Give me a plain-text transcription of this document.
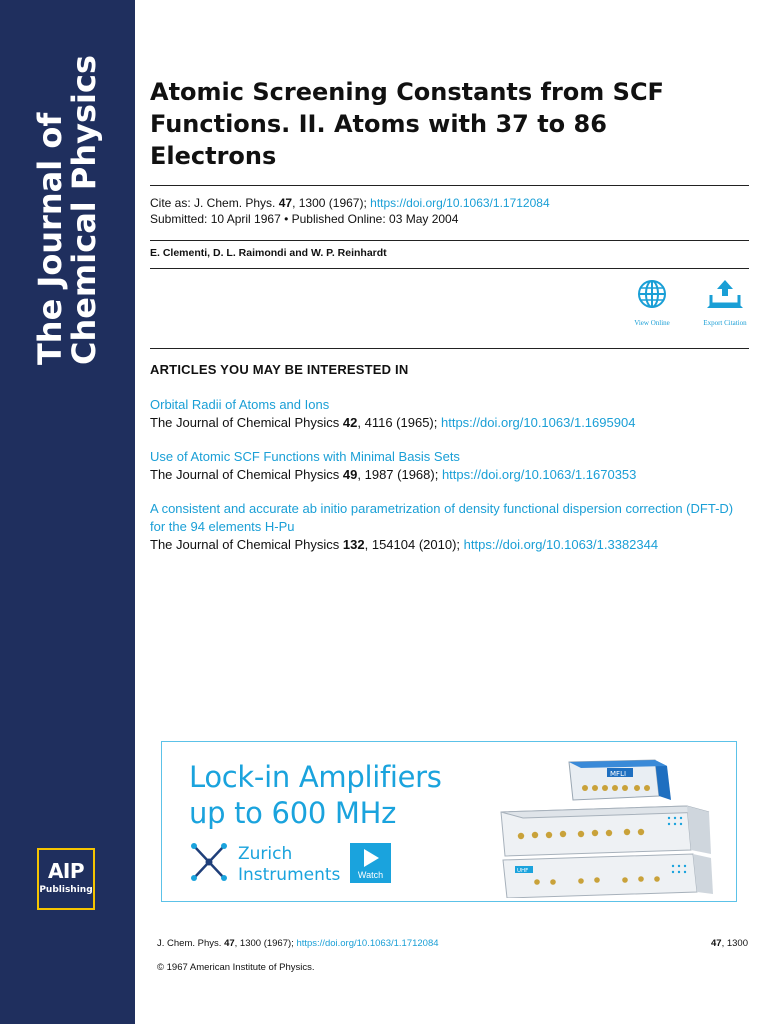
The Journal of
Chemical Physics
AIP
Publishing
Atomic Screening Constants from SCF Functions. II. Atoms with 37 to 86 Electrons
Cite as: J. Chem. Phys. 47, 1300 (1967); https://doi.org/10.1063/1.1712084
Submitted: 10 April 1967 • Published Online: 03 May 2004
E. Clementi, D. L. Raimondi and W. P. Reinhardt
View Online	Export Citation
ARTICLES YOU MAY BE INTERESTED IN
Orbital Radii of Atoms and Ions
The Journal of Chemical Physics 42, 4116 (1965); https://doi.org/10.1063/1.1695904
Use of Atomic SCF Functions with Minimal Basis Sets
The Journal of Chemical Physics 49, 1987 (1968); https://doi.org/10.1063/1.1670353
A consistent and accurate ab initio parametrization of density functional dispersion correction (DFT-D) for the 94 elements H-Pu
The Journal of Chemical Physics 132, 154104 (2010); https://doi.org/10.1063/1.3382344
Lock-in Amplifiers
up to 600 MHz
Zurich
Instruments	Watch
MFLI
UHF
J. Chem. Phys. 47, 1300 (1967); https://doi.org/10.1063/1.1712084	47, 1300
© 1967 American Institute of Physics.
